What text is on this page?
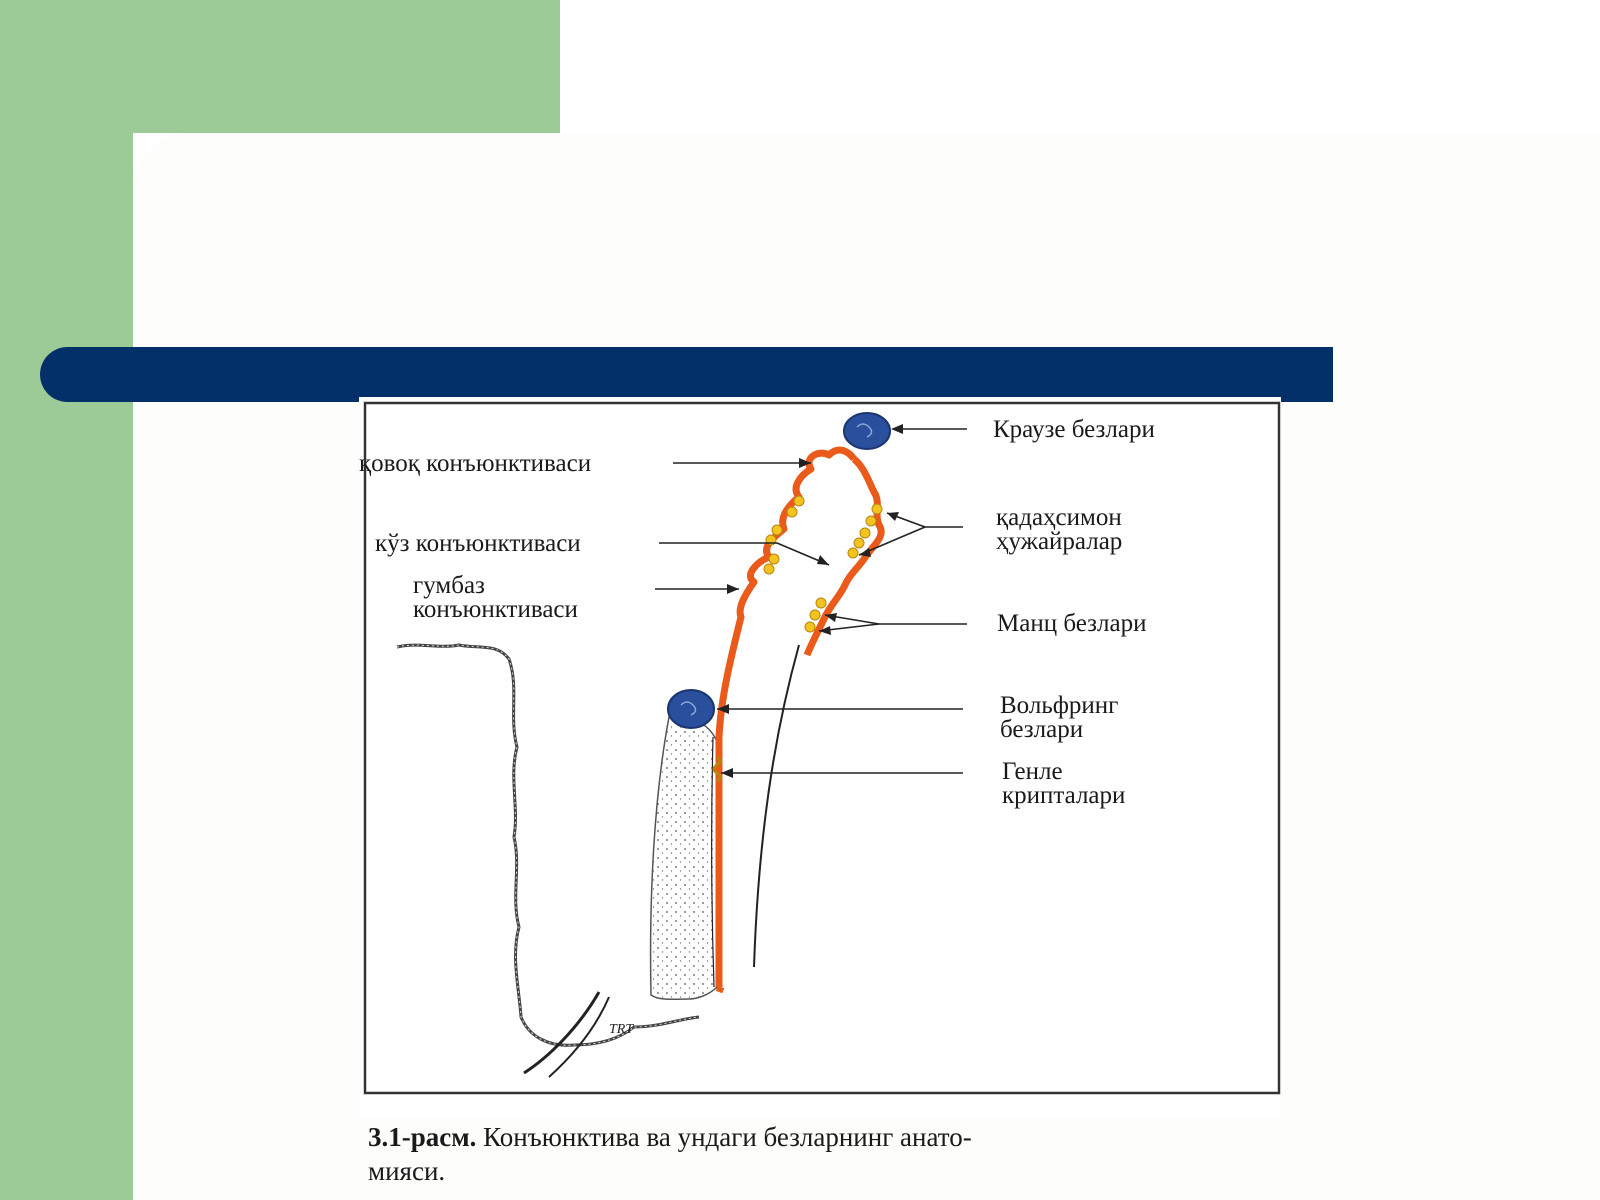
TRT
қовоқ конъюнктиваси
кўз конъюнктиваси
гумбаз
конъюнктиваси
Краузе безлари
қадаҳсимон
ҳужайралар
Манц безлари
Вольфринг
безлари
Генле
крипталари
3.1-расм. Конъюнктива ва ундаги безларнинг анато-
мияси.
